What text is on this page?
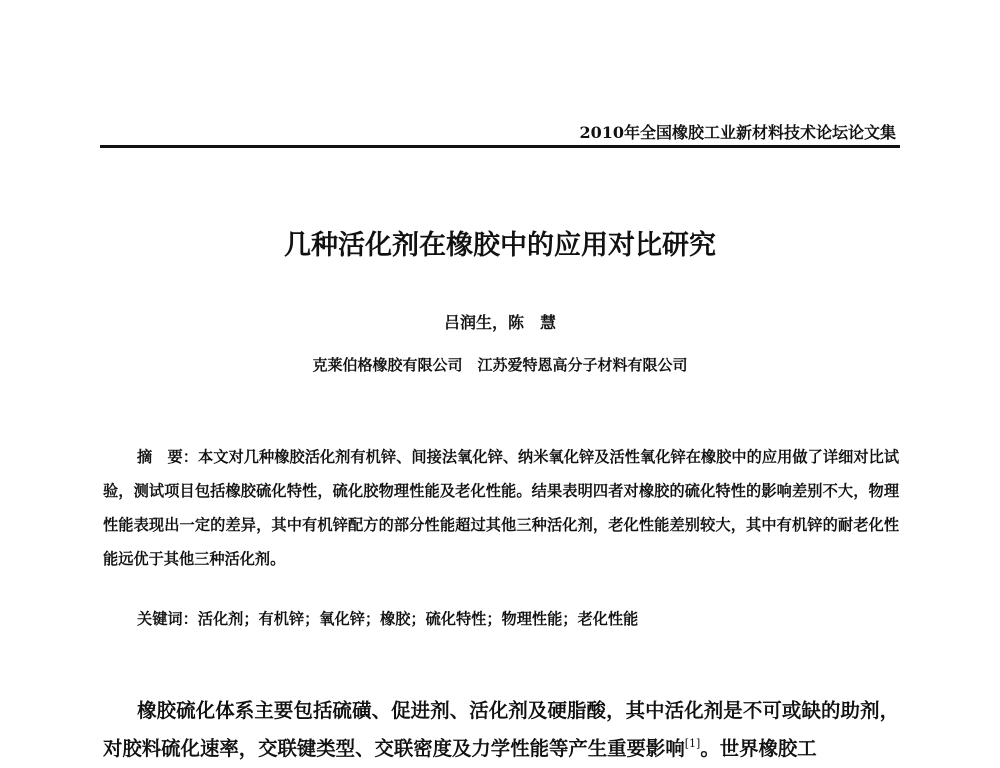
2010年全国橡胶工业新材料技术论坛论文集
几种活化剂在橡胶中的应用对比研究
吕润生，陈　慧
克莱伯格橡胶有限公司　江苏爱特恩高分子材料有限公司
摘　要：本文对几种橡胶活化剂有机锌、间接法氧化锌、纳米氧化锌及活性氧化锌在橡胶中的应用做了详细对比试验，测试项目包括橡胶硫化特性，硫化胶物理性能及老化性能。结果表明四者对橡胶的硫化特性的影响差别不大，物理性能表现出一定的差异，其中有机锌配方的部分性能超过其他三种活化剂，老化性能差别较大，其中有机锌的耐老化性能远优于其他三种活化剂。
关键词：活化剂；有机锌；氧化锌；橡胶；硫化特性；物理性能；老化性能
橡胶硫化体系主要包括硫磺、促进剂、活化剂及硬脂酸，其中活化剂是不可或缺的助剂，对胶料硫化速率，交联键类型、交联密度及力学性能等产生重要影响[1]。世界橡胶工
